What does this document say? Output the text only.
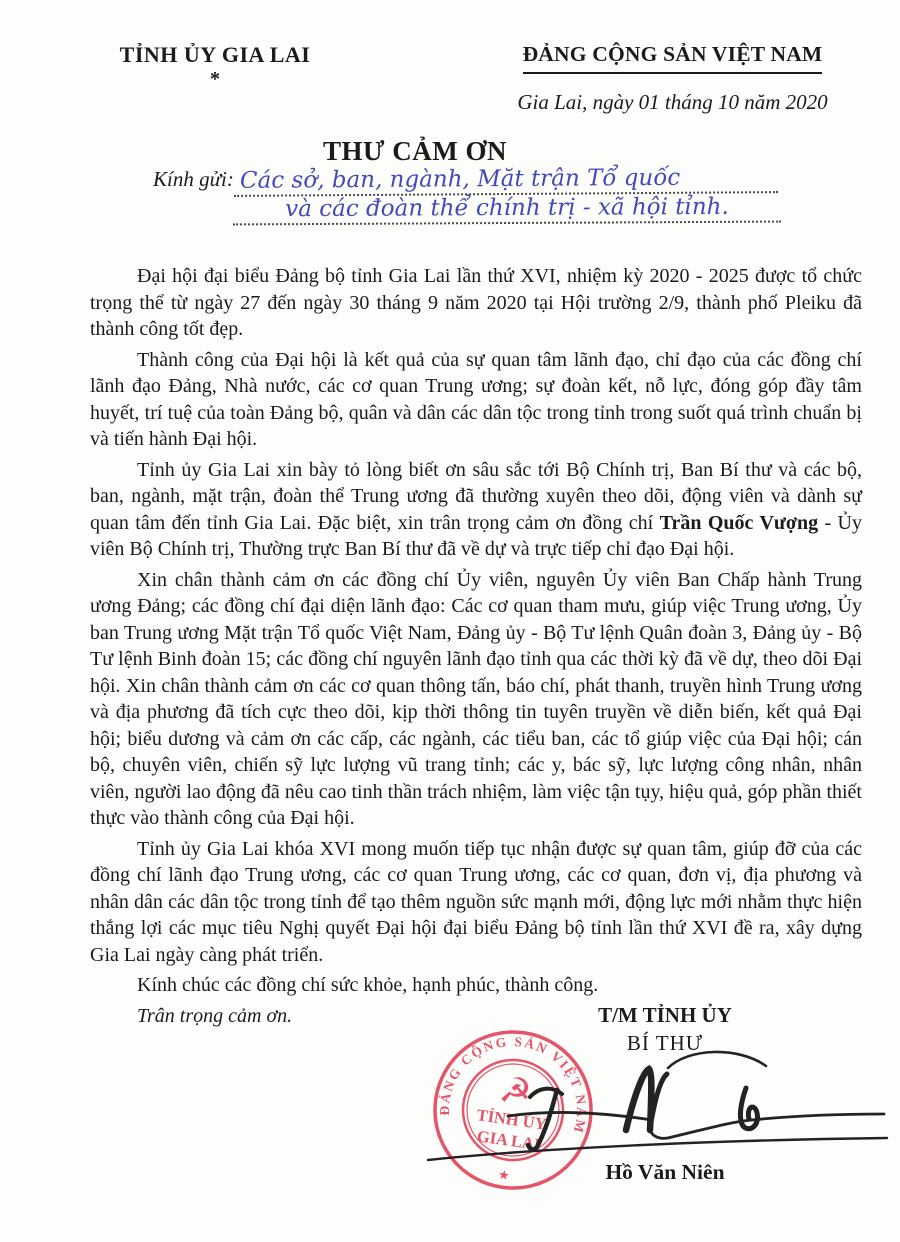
TỈNH ỦY GIA LAI
*
ĐẢNG CỘNG SẢN VIỆT NAM
Gia Lai, ngày 01 tháng 10 năm 2020
THƯ CẢM ƠN
Kính gửi: Các sở, ban, ngành, Mặt trận Tổ quốc
và các đoàn thể chính trị - xã hội tỉnh.

Đại hội đại biểu Đảng bộ tỉnh Gia Lai lần thứ XVI, nhiệm kỳ 2020 - 2025 được tổ chức trọng thể từ ngày 27 đến ngày 30 tháng 9 năm 2020 tại Hội trường 2/9, thành phố Pleiku đã thành công tốt đẹp.

Thành công của Đại hội là kết quả của sự quan tâm lãnh đạo, chỉ đạo của các đồng chí lãnh đạo Đảng, Nhà nước, các cơ quan Trung ương; sự đoàn kết, nỗ lực, đóng góp đầy tâm huyết, trí tuệ của toàn Đảng bộ, quân và dân các dân tộc trong tỉnh trong suốt quá trình chuẩn bị và tiến hành Đại hội.

Tỉnh ủy Gia Lai xin bày tỏ lòng biết ơn sâu sắc tới Bộ Chính trị, Ban Bí thư và các bộ, ban, ngành, mặt trận, đoàn thể Trung ương đã thường xuyên theo dõi, động viên và dành sự quan tâm đến tỉnh Gia Lai. Đặc biệt, xin trân trọng cảm ơn đồng chí Trần Quốc Vượng - Ủy viên Bộ Chính trị, Thường trực Ban Bí thư đã về dự và trực tiếp chỉ đạo Đại hội.

Xin chân thành cảm ơn các đồng chí Ủy viên, nguyên Ủy viên Ban Chấp hành Trung ương Đảng; các đồng chí đại diện lãnh đạo: Các cơ quan tham mưu, giúp việc Trung ương, Ủy ban Trung ương Mặt trận Tổ quốc Việt Nam, Đảng ủy - Bộ Tư lệnh Quân đoàn 3, Đảng ủy - Bộ Tư lệnh Binh đoàn 15; các đồng chí nguyên lãnh đạo tỉnh qua các thời kỳ đã về dự, theo dõi Đại hội. Xin chân thành cảm ơn các cơ quan thông tấn, báo chí, phát thanh, truyền hình Trung ương và địa phương đã tích cực theo dõi, kịp thời thông tin tuyên truyền về diễn biến, kết quả Đại hội; biểu dương và cảm ơn các cấp, các ngành, các tiểu ban, các tổ giúp việc của Đại hội; cán bộ, chuyên viên, chiến sỹ lực lượng vũ trang tỉnh; các y, bác sỹ, lực lượng công nhân, nhân viên, người lao động đã nêu cao tinh thần trách nhiệm, làm việc tận tụy, hiệu quả, góp phần thiết thực vào thành công của Đại hội.

Tỉnh ủy Gia Lai khóa XVI mong muốn tiếp tục nhận được sự quan tâm, giúp đỡ của các đồng chí lãnh đạo Trung ương, các cơ quan Trung ương, các cơ quan, đơn vị, địa phương và nhân dân các dân tộc trong tỉnh để tạo thêm nguồn sức mạnh mới, động lực mới nhằm thực hiện thắng lợi các mục tiêu Nghị quyết Đại hội đại biểu Đảng bộ tỉnh lần thứ XVI đề ra, xây dựng Gia Lai ngày càng phát triển.

Kính chúc các đồng chí sức khỏe, hạnh phúc, thành công.

Trân trọng cảm ơn.	T/M TỈNH ỦY
BÍ THƯ
ĐẢNG CỘNG SẢN VIỆT NAM
☭
TỈNH ỦY
GIA LAI
★	Hồ Văn Niên
